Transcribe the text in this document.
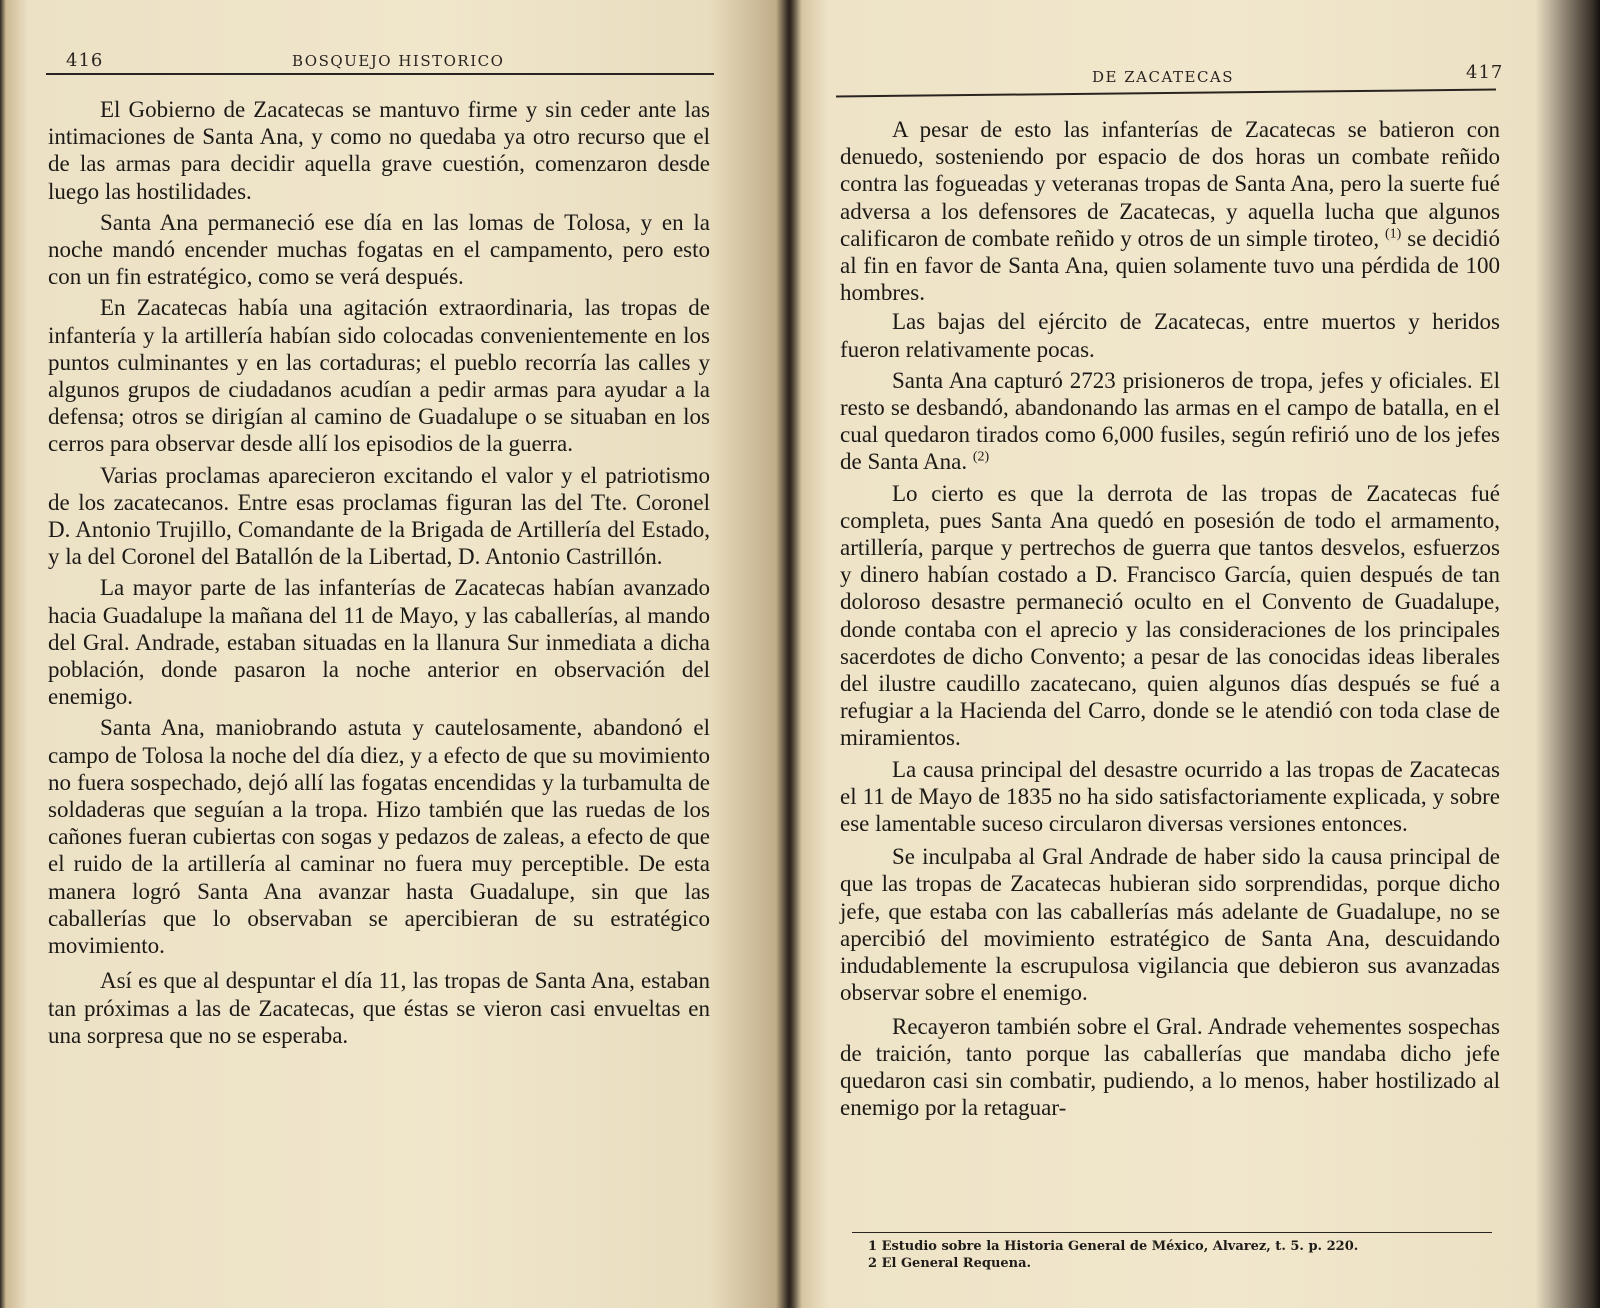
416	BOSQUEJO HISTORICO

El Gobierno de Zacatecas se mantuvo firme y sin ceder ante las intimaciones de Santa Ana, y como no quedaba ya otro recurso que el de las armas para decidir aquella grave cuestión, comenzaron desde luego las hostilidades.

Santa Ana permaneció ese día en las lomas de Tolosa, y en la noche mandó encender muchas fogatas en el campamento, pero esto con un fin estratégico, como se verá después.

En Zacatecas había una agitación extraordinaria, las tropas de infantería y la artillería habían sido colocadas convenientemente en los puntos culminantes y en las cortaduras; el pueblo recorría las calles y algunos grupos de ciudadanos acudían a pedir armas para ayudar a la defensa; otros se dirigían al camino de Guadalupe o se situaban en los cerros para observar desde allí los episodios de la guerra.

Varias proclamas aparecieron excitando el valor y el patriotismo de los zacatecanos. Entre esas proclamas figuran las del Tte. Coronel D. Antonio Trujillo, Comandante de la Brigada de Artillería del Estado, y la del Coronel del Batallón de la Libertad, D. Antonio Castrillón.

La mayor parte de las infanterías de Zacatecas habían avanzado hacia Guadalupe la mañana del 11 de Mayo, y las caballerías, al mando del Gral. Andrade, estaban situadas en la llanura Sur inmediata a dicha población, donde pasaron la noche anterior en observación del enemigo.

Santa Ana, maniobrando astuta y cautelosamente, abandonó el campo de Tolosa la noche del día diez, y a efecto de que su movimiento no fuera sospechado, dejó allí las fogatas encendidas y la turbamulta de soldaderas que seguían a la tropa. Hizo también que las ruedas de los cañones fueran cubiertas con sogas y pedazos de zaleas, a efecto de que el ruido de la artillería al caminar no fuera muy perceptible. De esta manera logró Santa Ana avanzar hasta Guadalupe, sin que las caballerías que lo observaban se apercibieran de su estratégico movimiento.

Así es que al despuntar el día 11, las tropas de Santa Ana, estaban tan próximas a las de Zacatecas, que éstas se vieron casi envueltas en una sorpresa que no se esperaba.

DE ZACATECAS	417

A pesar de esto las infanterías de Zacatecas se batieron con denuedo, sosteniendo por espacio de dos horas un combate reñido contra las fogueadas y veteranas tropas de Santa Ana, pero la suerte fué adversa a los defensores de Zacatecas, y aquella lucha que algunos calificaron de combate reñido y otros de un simple tiroteo, $^{(1)}$ se decidió al fin en favor de Santa Ana, quien solamente tuvo una pérdida de 100 hombres.

Las bajas del ejército de Zacatecas, entre muertos y heridos fueron relativamente pocas.

Santa Ana capturó 2723 prisioneros de tropa, jefes y oficiales. El resto se desbandó, abandonando las armas en el campo de batalla, en el cual quedaron tirados como 6,000 fusiles, según refirió uno de los jefes de Santa Ana. $^{(2)}$

Lo cierto es que la derrota de las tropas de Zacatecas fué completa, pues Santa Ana quedó en posesión de todo el armamento, artillería, parque y pertrechos de guerra que tantos desvelos, esfuerzos y dinero habían costado a D. Francisco García, quien después de tan doloroso desastre permaneció oculto en el Convento de Guadalupe, donde contaba con el aprecio y las consideraciones de los principales sacerdotes de dicho Convento; a pesar de las conocidas ideas liberales del ilustre caudillo zacatecano, quien algunos días después se fué a refugiar a la Hacienda del Carro, donde se le atendió con toda clase de miramientos.

La causa principal del desastre ocurrido a las tropas de Zacatecas el 11 de Mayo de 1835 no ha sido satisfactoriamente explicada, y sobre ese lamentable suceso circularon diversas versiones entonces.

Se inculpaba al Gral Andrade de haber sido la causa principal de que las tropas de Zacatecas hubieran sido sorprendidas, porque dicho jefe, que estaba con las caballerías más adelante de Guadalupe, no se apercibió del movimiento estratégico de Santa Ana, descuidando indudablemente la escrupulosa vigilancia que debieron sus avanzadas observar sobre el enemigo.

Recayeron también sobre el Gral. Andrade vehementes sospechas de traición, tanto porque las caballerías que mandaba dicho jefe quedaron casi sin combatir, pudiendo, a lo menos, haber hostilizado al enemigo por la retaguar-

1 Estudio sobre la Historia General de México, Alvarez, t. 5. p. 220.
2 El General Requena.
